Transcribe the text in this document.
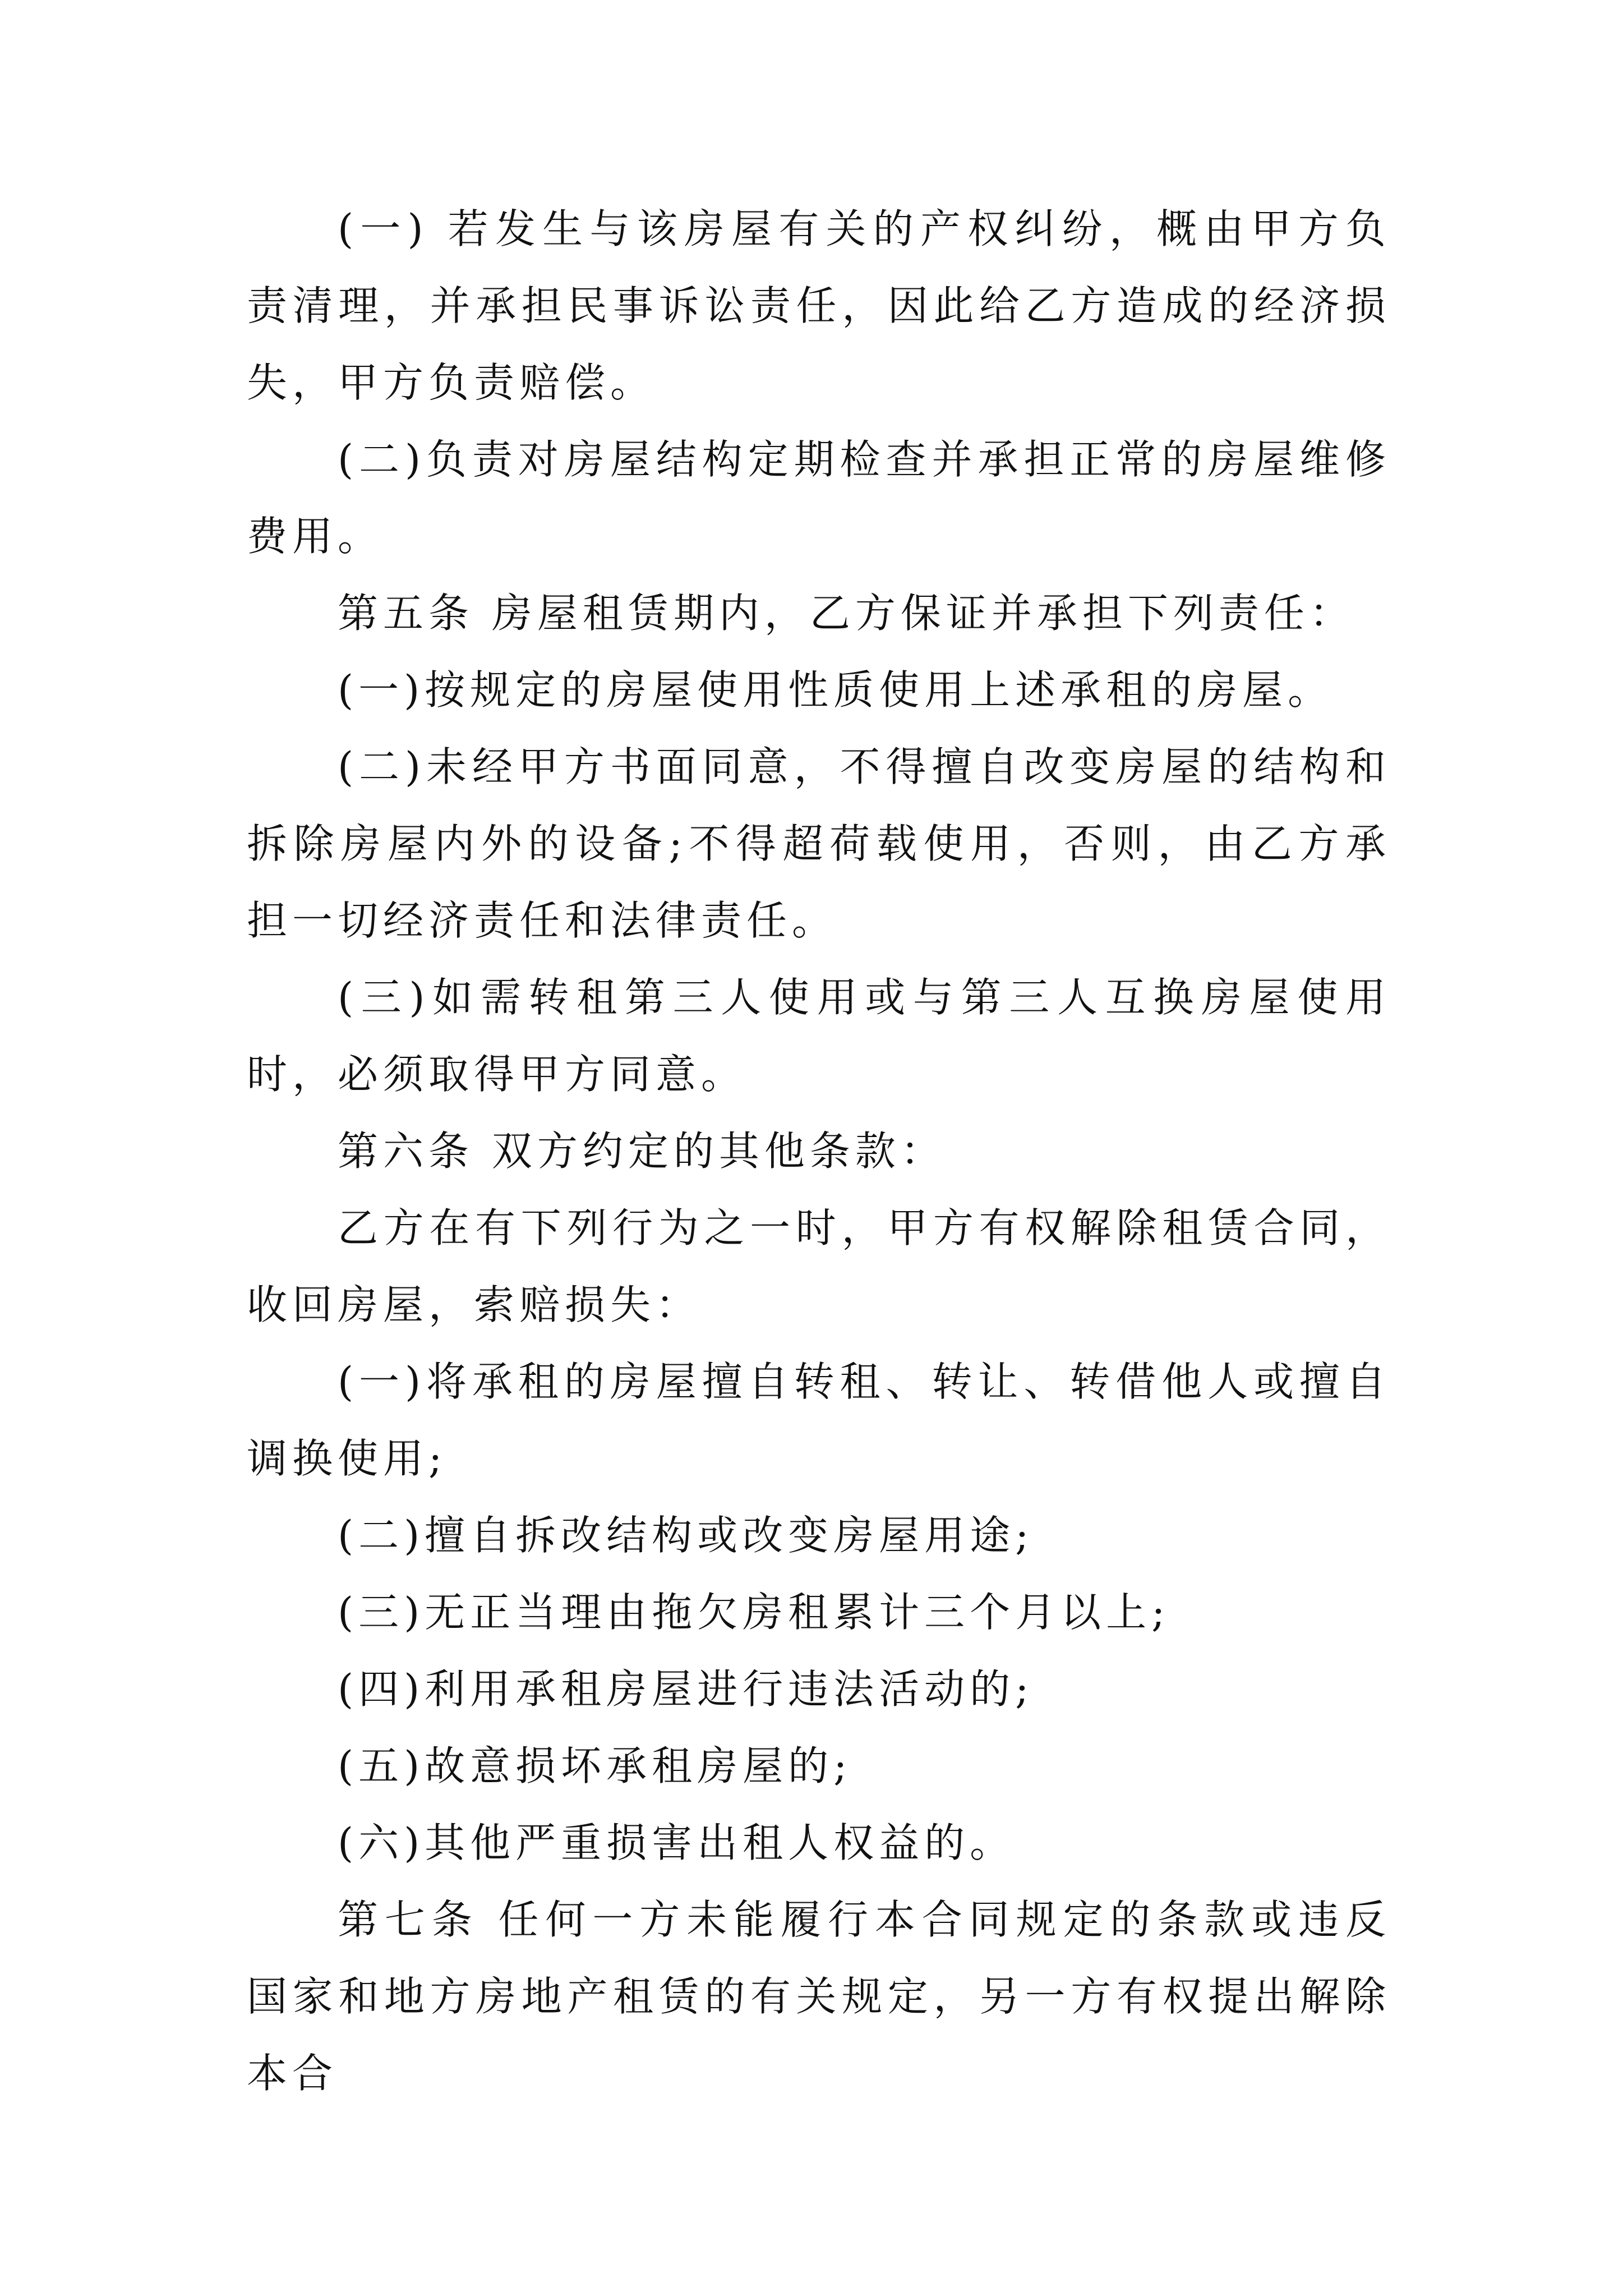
(一) 若发生与该房屋有关的产权纠纷，概由甲方负责清理，并承担民事诉讼责任，因此给乙方造成的经济损失，甲方负责赔偿。

(二)负责对房屋结构定期检查并承担正常的房屋维修费用。

第五条 房屋租赁期内，乙方保证并承担下列责任：

(一)按规定的房屋使用性质使用上述承租的房屋。

(二)未经甲方书面同意，不得擅自改变房屋的结构和拆除房屋内外的设备;不得超荷载使用，否则，由乙方承担一切经济责任和法律责任。

(三)如需转租第三人使用或与第三人互换房屋使用时，必须取得甲方同意。

第六条 双方约定的其他条款：

乙方在有下列行为之一时，甲方有权解除租赁合同，收回房屋，索赔损失：

(一)将承租的房屋擅自转租、转让、转借他人或擅自调换使用;

(二)擅自拆改结构或改变房屋用途;

(三)无正当理由拖欠房租累计三个月以上;

(四)利用承租房屋进行违法活动的;

(五)故意损坏承租房屋的;

(六)其他严重损害出租人权益的。

第七条 任何一方未能履行本合同规定的条款或违反国家和地方房地产租赁的有关规定，另一方有权提出解除本合
